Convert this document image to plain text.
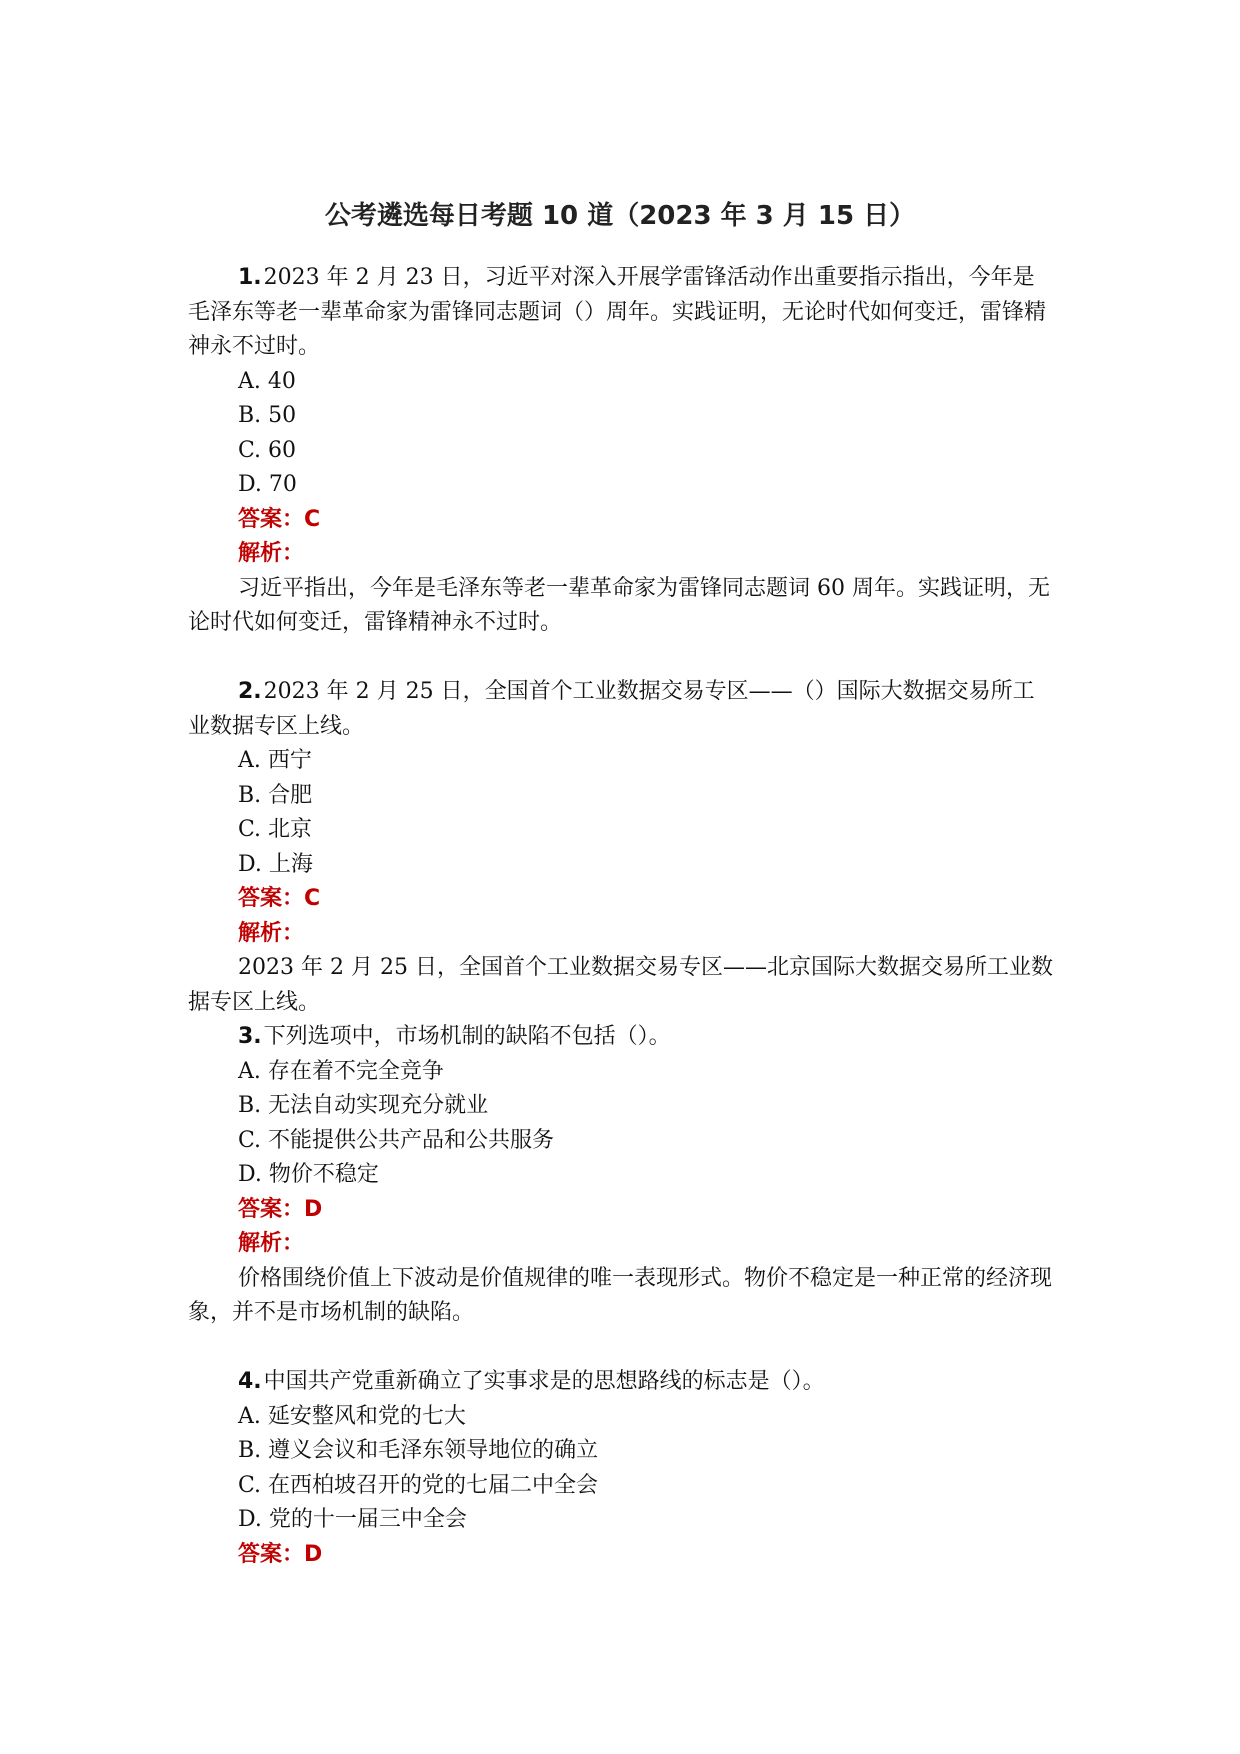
公考遴选每日考题 10 道（2023 年 3 月 15 日）

1.2023 年 2 月 23 日，习近平对深入开展学雷锋活动作出重要指示指出，今年是毛泽东等老一辈革命家为雷锋同志题词（）周年。实践证明，无论时代如何变迁，雷锋精神永不过时。

A. 40

B. 50

C. 60

D. 70

答案：C

解析：

习近平指出，今年是毛泽东等老一辈革命家为雷锋同志题词 60 周年。实践证明，无论时代如何变迁，雷锋精神永不过时。

2.2023 年 2 月 25 日，全国首个工业数据交易专区——（）国际大数据交易所工业数据专区上线。

A. 西宁

B. 合肥

C. 北京

D. 上海

答案：C

解析：

2023 年 2 月 25 日，全国首个工业数据交易专区——北京国际大数据交易所工业数据专区上线。

3.下列选项中，市场机制的缺陷不包括（）。

A. 存在着不完全竞争

B. 无法自动实现充分就业

C. 不能提供公共产品和公共服务

D. 物价不稳定

答案：D

解析：

价格围绕价值上下波动是价值规律的唯一表现形式。物价不稳定是一种正常的经济现象，并不是市场机制的缺陷。

4.中国共产党重新确立了实事求是的思想路线的标志是（）。

A. 延安整风和党的七大

B. 遵义会议和毛泽东领导地位的确立

C. 在西柏坡召开的党的七届二中全会

D. 党的十一届三中全会

答案：D
